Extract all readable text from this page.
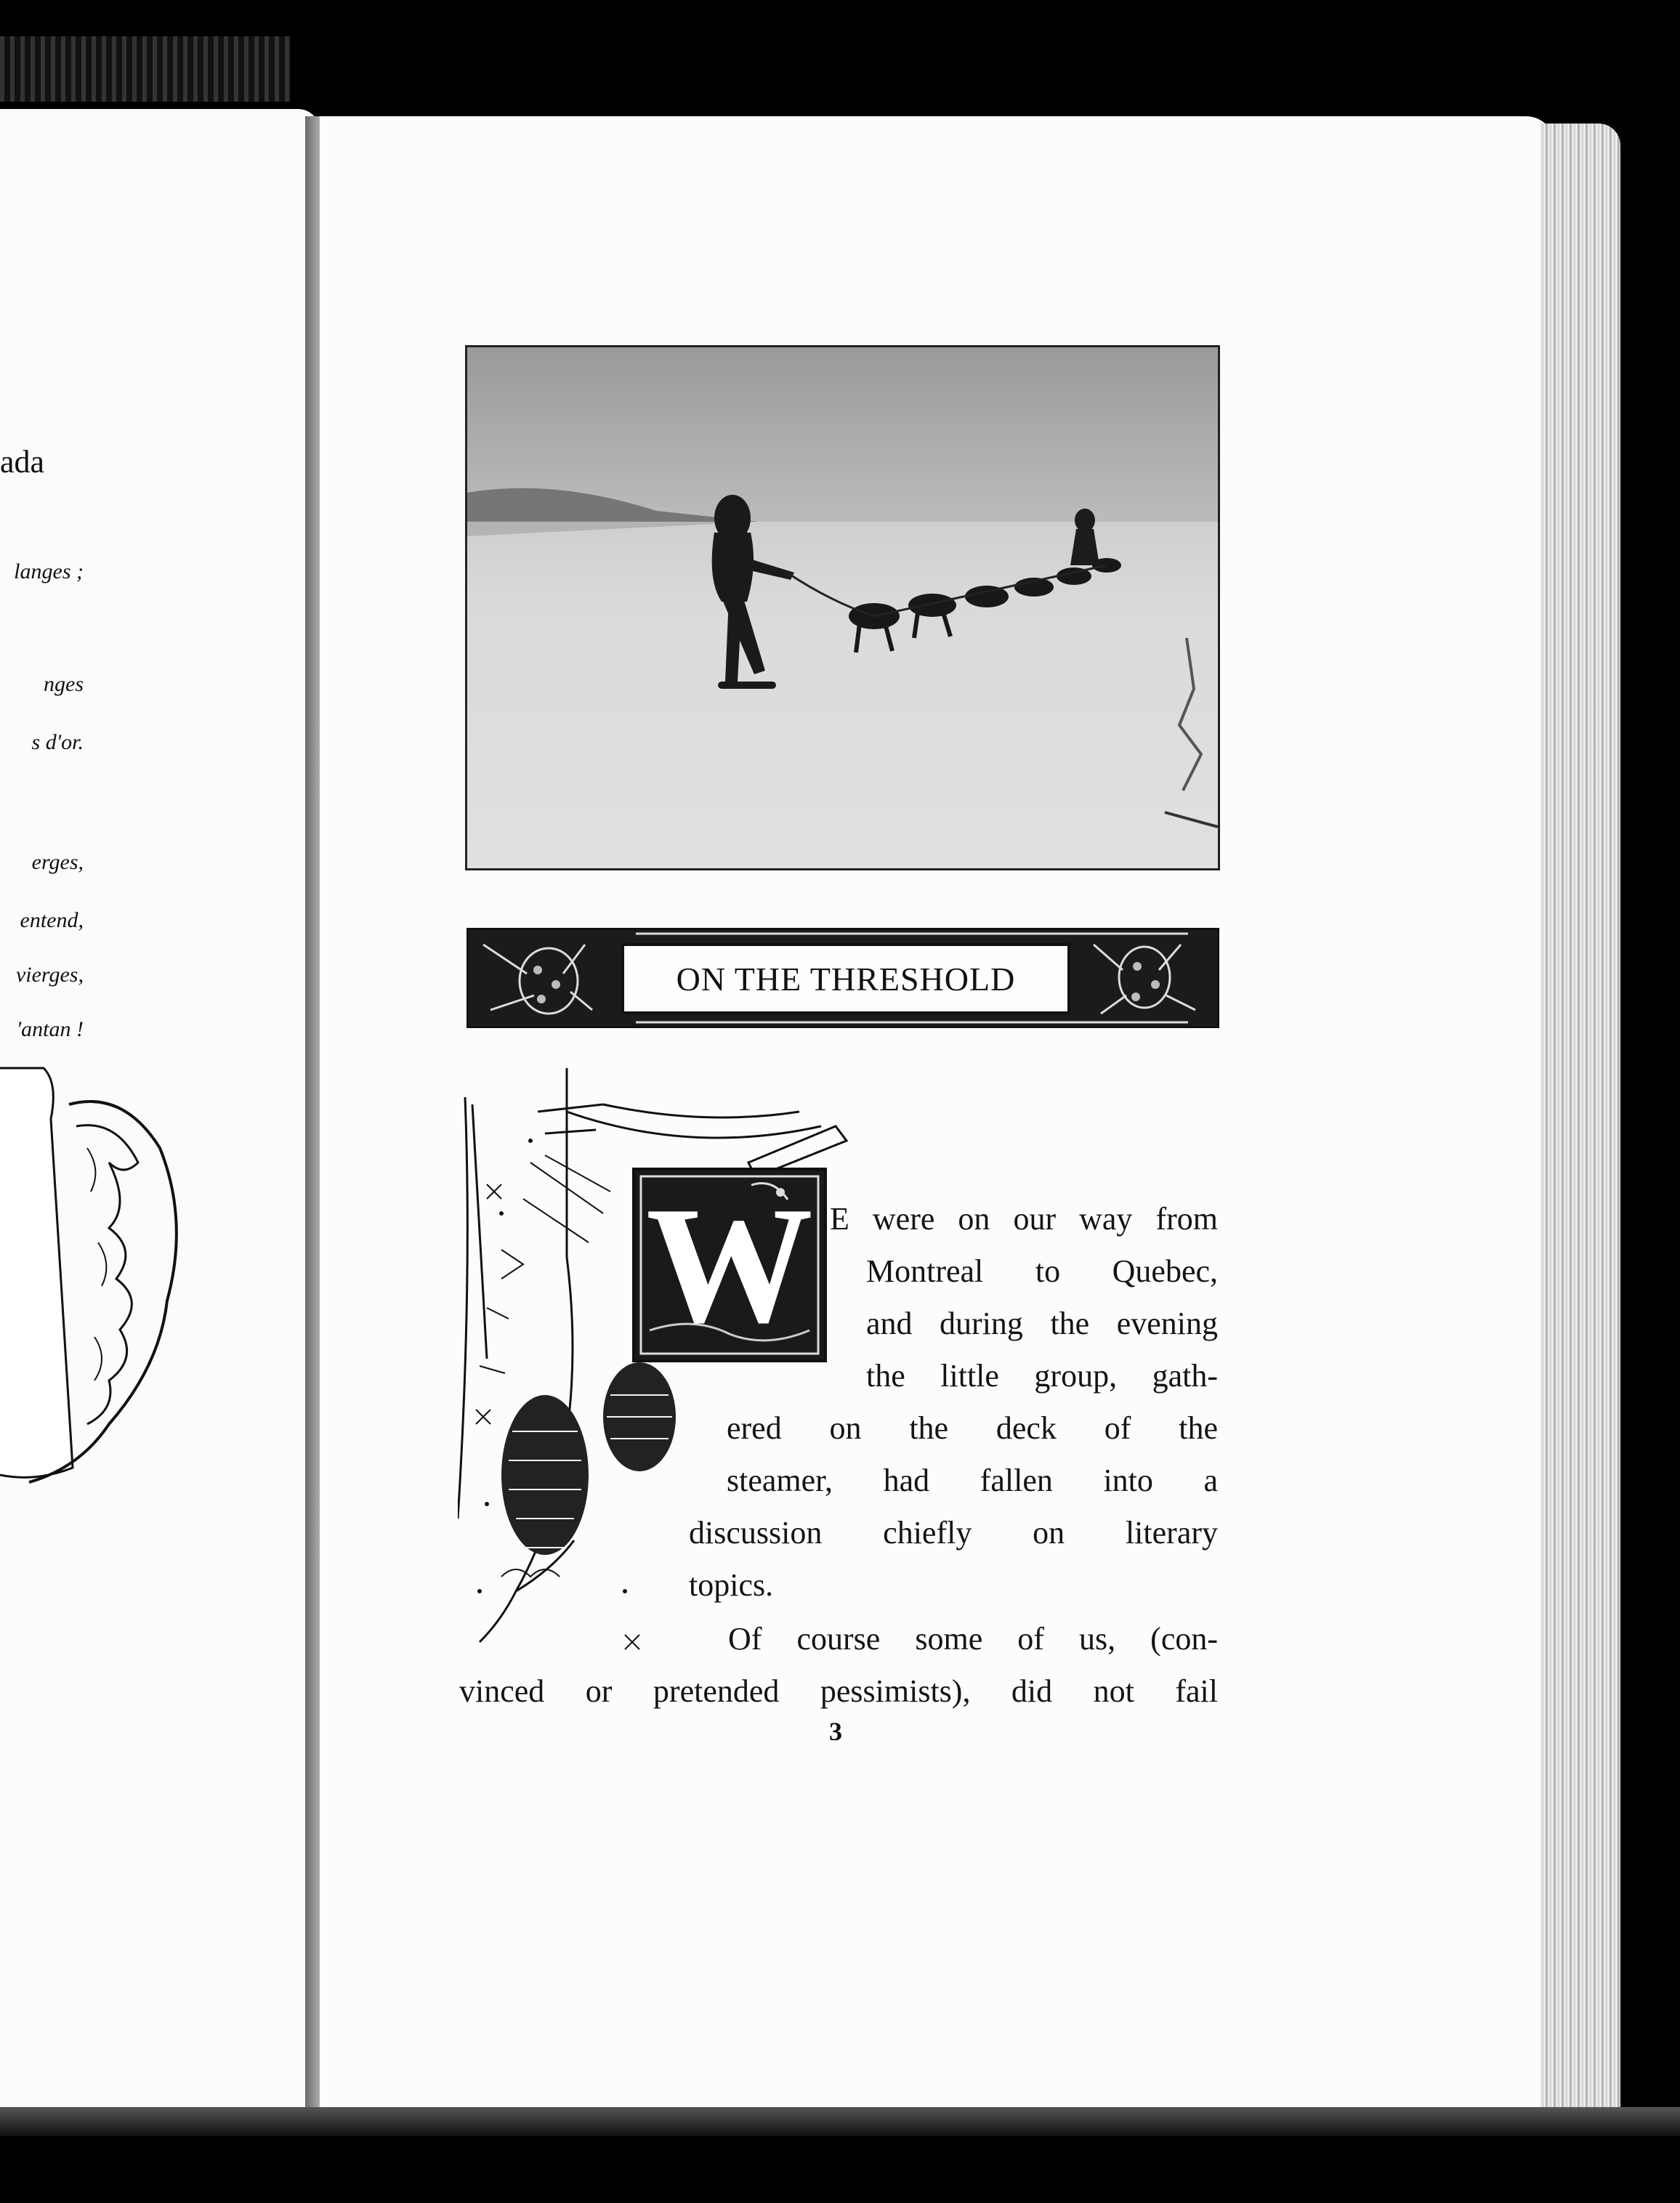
ada
langes ;
nges
s d'or.
erges,
entend,
vierges,
'antan !
ON THE THRESHOLD
W E were on our way from
Montreal to Quebec,
and during the evening
the little group, gath-
ered on the deck of the
steamer, had fallen into a
discussion chiefly on literary
topics.
Of course some of us, (con-
vinced or pretended pessimists), did not fail
3
